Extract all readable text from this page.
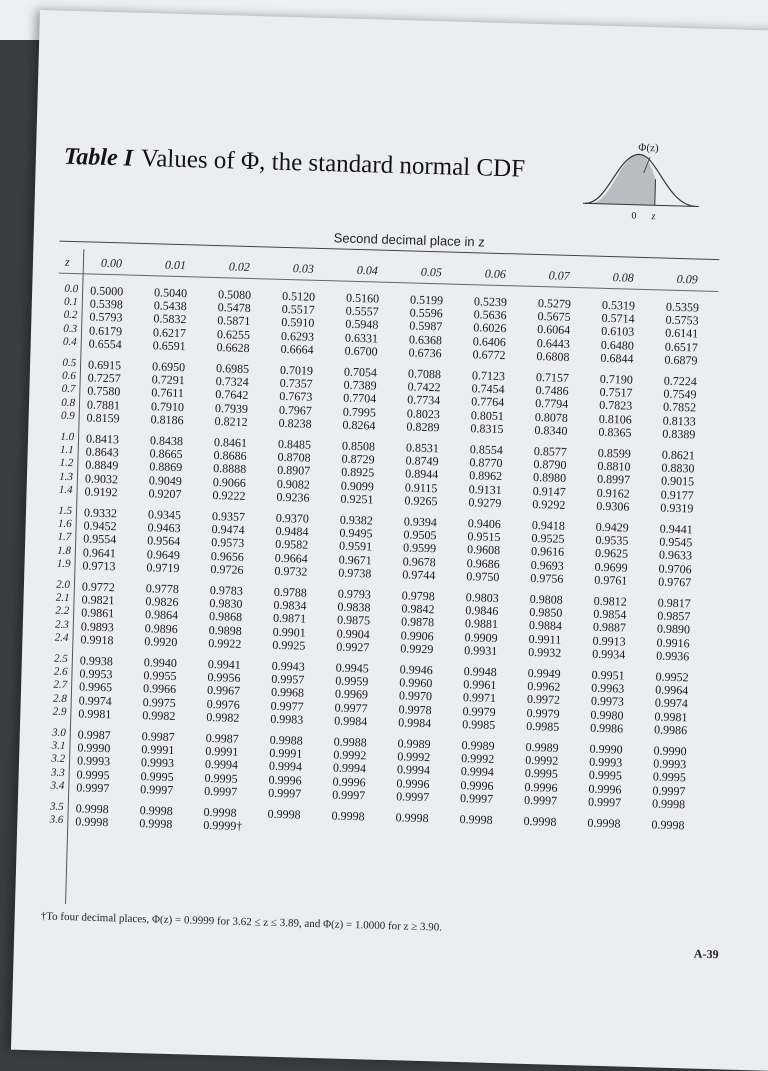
Table I Values of Φ, the standard normal CDF	Φ(z)
0 z
Second decimal place in z
z	0.00	0.01	0.02	0.03	0.04	0.05	0.06	0.07	0.08	0.09
0.0 0.5000	0.5040	0.5080	0.5120	0.5160	0.5199	0.5239	0.5279	0.5319	0.5359
0.1 0.5398	0.5438	0.5478	0.5517	0.5557	0.5596	0.5636	0.5675	0.5714	0.5753
0.2 0.5793	0.5832	0.5871	0.5910	0.5948	0.5987	0.6026	0.6064	0.6103	0.6141
0.3 0.6179	0.6217	0.6255	0.6293	0.6331	0.6368	0.6406	0.6443	0.6480	0.6517
0.4 0.6554	0.6591	0.6628	0.6664	0.6700	0.6736	0.6772	0.6808	0.6844	0.6879
0.5 0.6915	0.6950	0.6985	0.7019	0.7054	0.7088	0.7123	0.7157	0.7190	0.7224
0.6 0.7257	0.7291	0.7324	0.7357	0.7389	0.7422	0.7454	0.7486	0.7517	0.7549
0.7 0.7580	0.7611	0.7642	0.7673	0.7704	0.7734	0.7764	0.7794	0.7823	0.7852
0.8 0.7881	0.7910	0.7939	0.7967	0.7995	0.8023	0.8051	0.8078	0.8106	0.8133
0.9 0.8159	0.8186	0.8212	0.8238	0.8264	0.8289	0.8315	0.8340	0.8365	0.8389
1.0 0.8413	0.8438	0.8461	0.8485	0.8508	0.8531	0.8554	0.8577	0.8599	0.8621
1.1 0.8643	0.8665	0.8686	0.8708	0.8729	0.8749	0.8770	0.8790	0.8810	0.8830
1.2 0.8849	0.8869	0.8888	0.8907	0.8925	0.8944	0.8962	0.8980	0.8997	0.9015
1.3 0.9032	0.9049	0.9066	0.9082	0.9099	0.9115	0.9131	0.9147	0.9162	0.9177
1.4 0.9192	0.9207	0.9222	0.9236	0.9251	0.9265	0.9279	0.9292	0.9306	0.9319
1.5 0.9332	0.9345	0.9357	0.9370	0.9382	0.9394	0.9406	0.9418	0.9429	0.9441
1.6 0.9452	0.9463	0.9474	0.9484	0.9495	0.9505	0.9515	0.9525	0.9535	0.9545
1.7 0.9554	0.9564	0.9573	0.9582	0.9591	0.9599	0.9608	0.9616	0.9625	0.9633
1.8 0.9641	0.9649	0.9656	0.9664	0.9671	0.9678	0.9686	0.9693	0.9699	0.9706
1.9 0.9713	0.9719	0.9726	0.9732	0.9738	0.9744	0.9750	0.9756	0.9761	0.9767
2.0 0.9772	0.9778	0.9783	0.9788	0.9793	0.9798	0.9803	0.9808	0.9812	0.9817
2.1 0.9821	0.9826	0.9830	0.9834	0.9838	0.9842	0.9846	0.9850	0.9854	0.9857
2.2 0.9861	0.9864	0.9868	0.9871	0.9875	0.9878	0.9881	0.9884	0.9887	0.9890
2.3 0.9893	0.9896	0.9898	0.9901	0.9904	0.9906	0.9909	0.9911	0.9913	0.9916
2.4 0.9918	0.9920	0.9922	0.9925	0.9927	0.9929	0.9931	0.9932	0.9934	0.9936
2.5 0.9938	0.9940	0.9941	0.9943	0.9945	0.9946	0.9948	0.9949	0.9951	0.9952
2.6 0.9953	0.9955	0.9956	0.9957	0.9959	0.9960	0.9961	0.9962	0.9963	0.9964
2.7 0.9965	0.9966	0.9967	0.9968	0.9969	0.9970	0.9971	0.9972	0.9973	0.9974
2.8 0.9974	0.9975	0.9976	0.9977	0.9977	0.9978	0.9979	0.9979	0.9980	0.9981
2.9 0.9981	0.9982	0.9982	0.9983	0.9984	0.9984	0.9985	0.9985	0.9986	0.9986
3.0 0.9987	0.9987	0.9987	0.9988	0.9988	0.9989	0.9989	0.9989	0.9990	0.9990
3.1 0.9990	0.9991	0.9991	0.9991	0.9992	0.9992	0.9992	0.9992	0.9993	0.9993
3.2 0.9993	0.9993	0.9994	0.9994	0.9994	0.9994	0.9994	0.9995	0.9995	0.9995
3.3 0.9995	0.9995	0.9995	0.9996	0.9996	0.9996	0.9996	0.9996	0.9996	0.9997
3.4 0.9997	0.9997	0.9997	0.9997	0.9997	0.9997	0.9997	0.9997	0.9997	0.9998
3.5 0.9998	0.9998	0.9998	0.9998	0.9998	0.9998	0.9998	0.9998	0.9998	0.9998
3.6 0.9998	0.9998	0.9999†
†To four decimal places, Φ(z) = 0.9999 for 3.62 ≤ z ≤ 3.89, and Φ(z) = 1.0000 for z ≥ 3.90.
A-39
